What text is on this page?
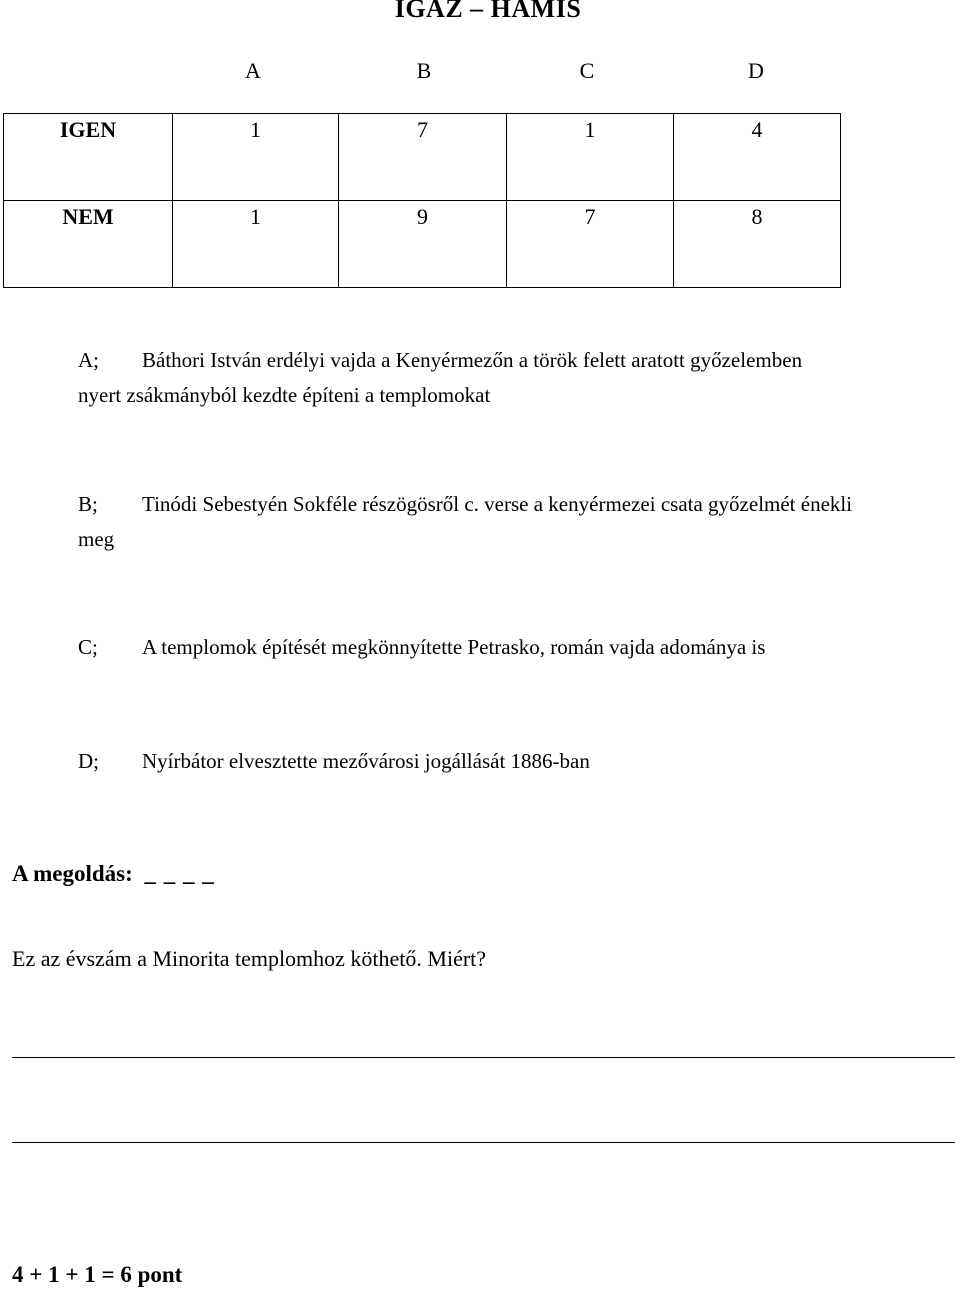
IGAZ – HAMIS
A	B	C	D
IGEN	1	7	1	4

NEM	1	9	7	8
A; Báthori István erdélyi vajda a Kenyérmezőn a török felett aratott győzelemben
nyert zsákmányból kezdte építeni a templomokat
B; Tinódi Sebestyén Sokféle részögösről c. verse a kenyérmezei csata győzelmét énekli
meg
C; A templomok építését megkönnyítette Petrasko, román vajda adománya is
D; Nyírbátor elvesztette mezővárosi jogállását 1886-ban
A megoldás: _ _ _ _
Ez az évszám a Minorita templomhoz köthető. Miért?
4 + 1 + 1 = 6 pont
